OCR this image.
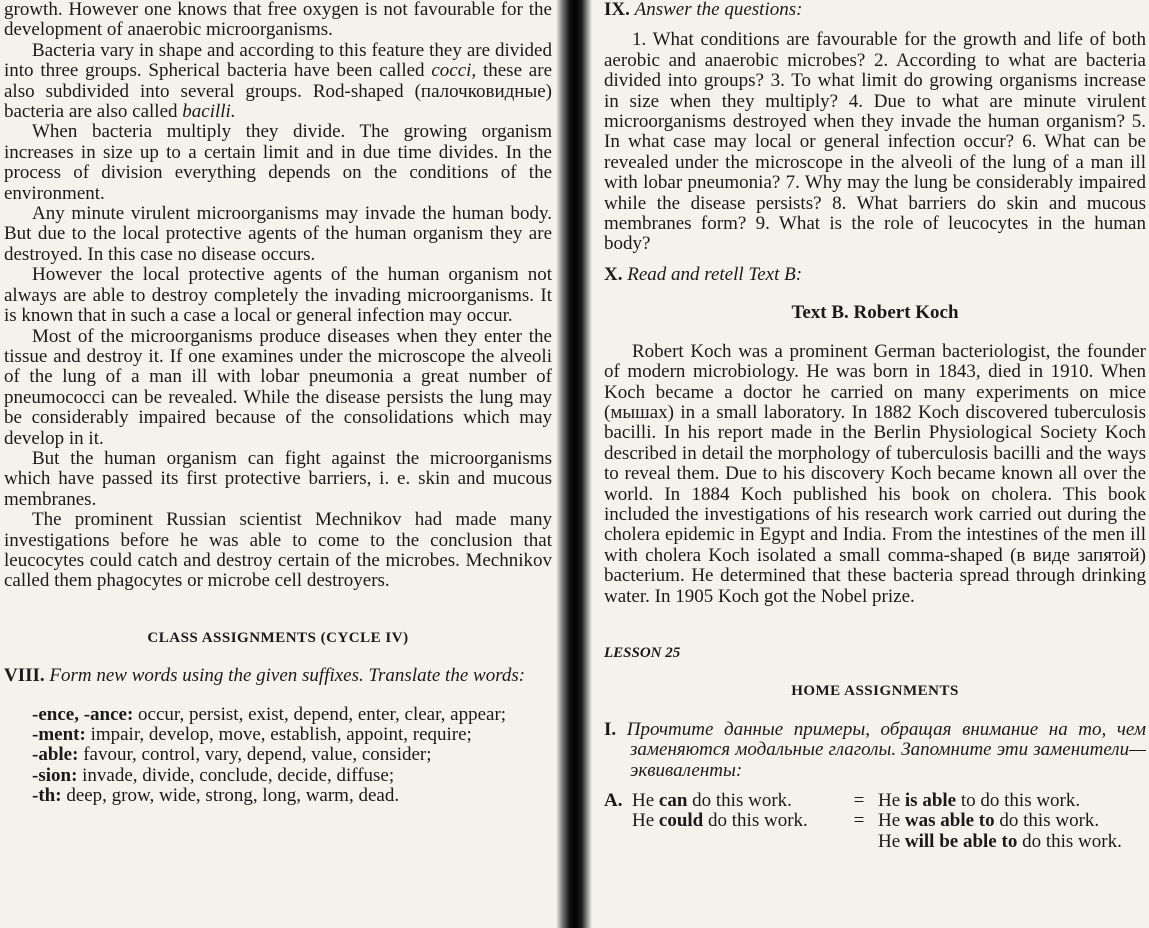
growth. However one knows that free oxygen is not favourable for the development of anaerobic microorganisms.

Bacteria vary in shape and according to this feature they are divided into three groups. Spherical bacteria have been called cocci, these are also subdivided into several groups. Rod-shaped (палочковидные) bacteria are also called bacilli.

When bacteria multiply they divide. The growing organism increases in size up to a certain limit and in due time divides. In the process of division everything depends on the conditions of the environment.

Any minute virulent microorganisms may invade the human body. But due to the local protective agents of the human organism they are destroyed. In this case no disease occurs.

However the local protective agents of the human organism not always are able to destroy completely the invading microorganisms. It is known that in such a case a local or general infection may occur.

Most of the microorganisms produce diseases when they enter the tissue and destroy it. If one examines under the microscope the alveoli of the lung of a man ill with lobar pneumonia a great number of pneumococci can be revealed. While the disease persists the lung may be considerably impaired because of the consolidations which may develop in it.

But the human organism can fight against the microorganisms which have passed its first protective barriers, i. e. skin and mucous membranes.

The prominent Russian scientist Mechnikov had made many investigations before he was able to come to the conclusion that leucocytes could catch and destroy certain of the microbes. Mechnikov called them phagocytes or microbe cell destroyers.

CLASS ASSIGNMENTS (CYCLE IV)

VIII. Form new words using the given suffixes. Translate the words:

-ence, -ance: occur, persist, exist, depend, enter, clear, appear;

-ment: impair, develop, move, establish, appoint, require;

-able: favour, control, vary, depend, value, consider;

-sion: invade, divide, conclude, decide, diffuse;

-th: deep, grow, wide, strong, long, warm, dead.

IX. Answer the questions:

1. What conditions are favourable for the growth and life of both aerobic and anaerobic microbes? 2. According to what are bacteria divided into groups? 3. To what limit do growing organisms increase in size when they multiply? 4. Due to what are minute virulent microorganisms destroyed when they invade the human organism? 5. In what case may local or general infection occur? 6. What can be revealed under the microscope in the alveoli of the lung of a man ill with lobar pneumonia? 7. Why may the lung be considerably impaired while the disease persists? 8. What barriers do skin and mucous membranes form? 9. What is the role of leucocytes in the human body?

X. Read and retell Text B:

Text B. Robert Koch

Robert Koch was a prominent German bacteriologist, the founder of modern microbiology. He was born in 1843, died in 1910. When Koch became a doctor he carried on many experiments on mice (мышах) in a small laboratory. In 1882 Koch discovered tuberculosis bacilli. In his report made in the Berlin Physiological Society Koch described in detail the morphology of tuberculosis bacilli and the ways to reveal them. Due to his discovery Koch became known all over the world. In 1884 Koch published his book on cholera. This book included the investigations of his research work carried out during the cholera epidemic in Egypt and India. From the intestines of the men ill with cholera Koch isolated a small comma-shaped (в виде запятой) bacterium. He determined that these bacteria spread through drinking water. In 1905 Koch got the Nobel prize.

LESSON 25

HOME ASSIGNMENTS

I. Прочтите данные примеры, обращая внимание на то, чем заменяются модальные глаголы. Запомните эти заменители—эквиваленты:

A. He can do this work.	= He is able to do this work.
He could do this work.	= He was able to do this work.
He will be able to do this work.
